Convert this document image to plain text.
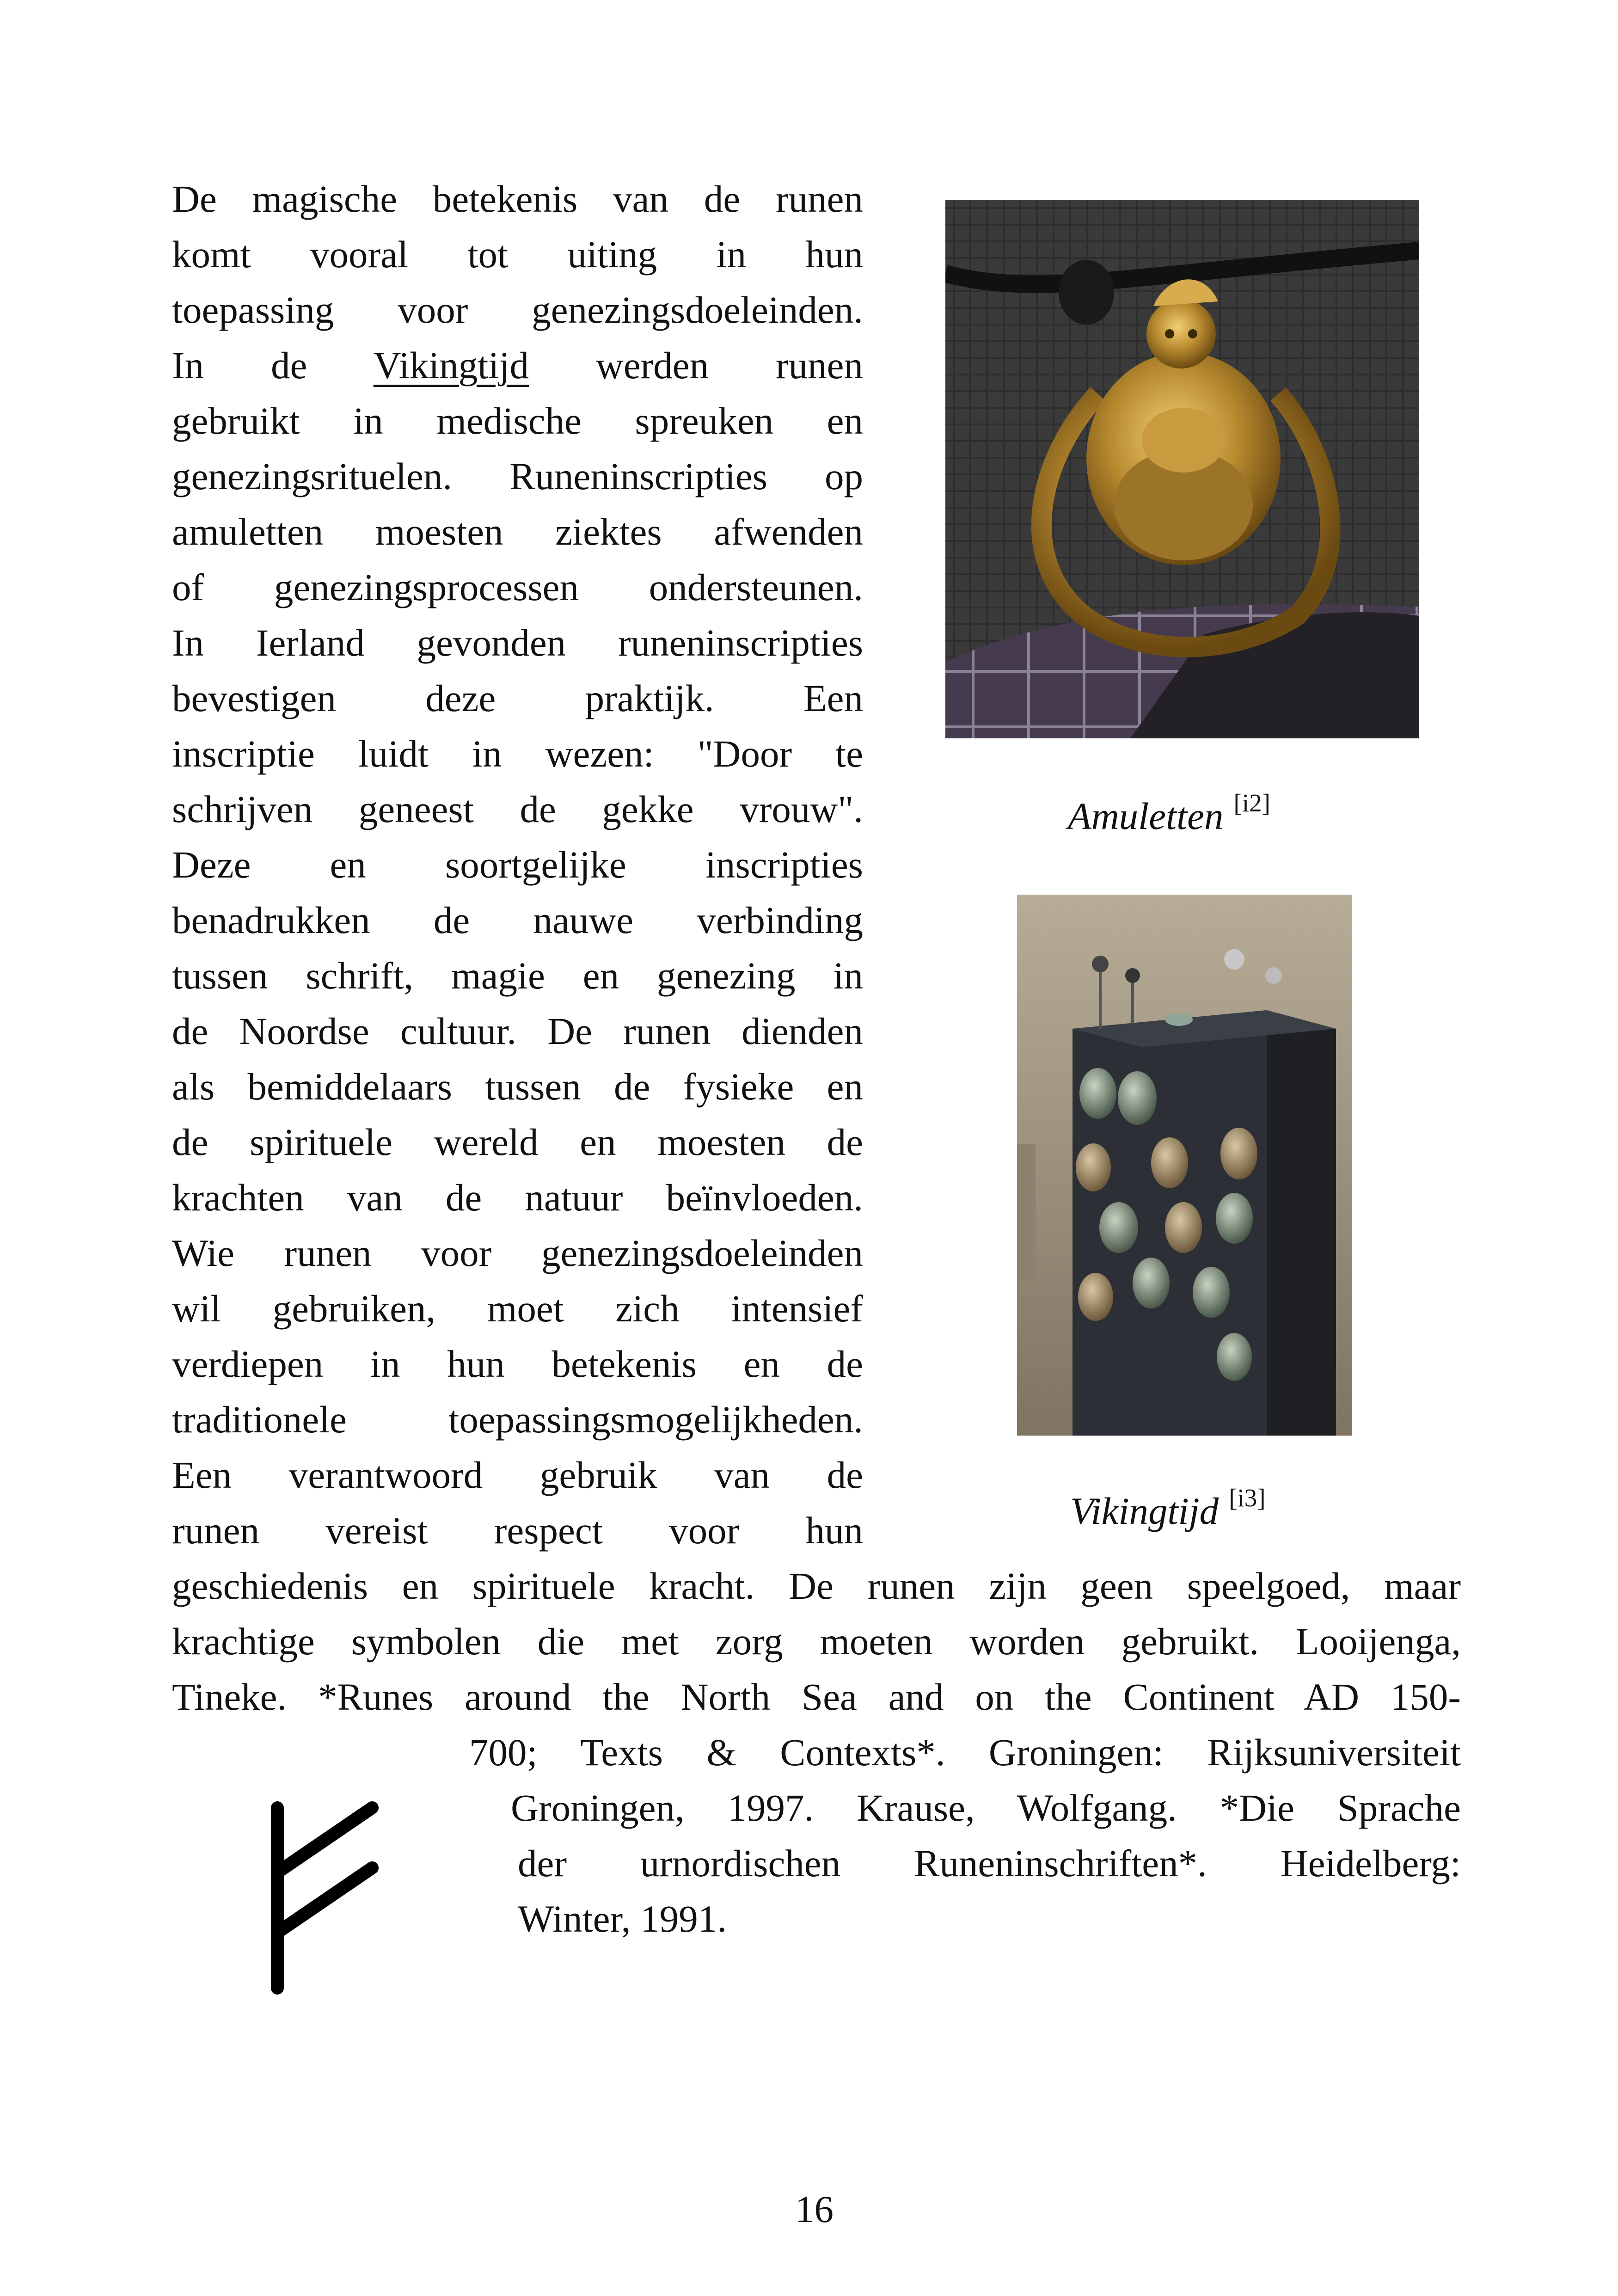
De magische betekenis van de runen
komt vooral tot uiting in hun
toepassing voor genezingsdoeleinden.
In de Vikingtijd werden runen
gebruikt in medische spreuken en
genezingsrituelen. Runeninscripties op
amuletten moesten ziektes afwenden
of genezingsprocessen ondersteunen.
In Ierland gevonden runeninscripties
bevestigen deze praktijk. Een
inscriptie luidt in wezen: "Door te
schrijven geneest de gekke vrouw".
Deze en soortgelijke inscripties
benadrukken de nauwe verbinding
tussen schrift, magie en genezing in
de Noordse cultuur. De runen dienden
als bemiddelaars tussen de fysieke en
de spirituele wereld en moesten de
krachten van de natuur beïnvloeden.
Wie runen voor genezingsdoeleinden
wil gebruiken, moet zich intensief
verdiepen in hun betekenis en de
traditionele toepassingsmogelijkheden.
Een verantwoord gebruik van de
runen vereist respect voor hun
geschiedenis en spirituele kracht. De runen zijn geen speelgoed, maar
krachtige symbolen die met zorg moeten worden gebruikt. Looijenga,
Tineke. *Runes around the North Sea and on the Continent AD 150-
700; Texts & Contexts*. Groningen: Rijksuniversiteit
Groningen, 1997. Krause, Wolfgang. *Die Sprache
der urnordischen Runeninschriften*. Heidelberg:
Winter, 1991.
Amuletten [i2]
Vikingtijd [i3]
16
